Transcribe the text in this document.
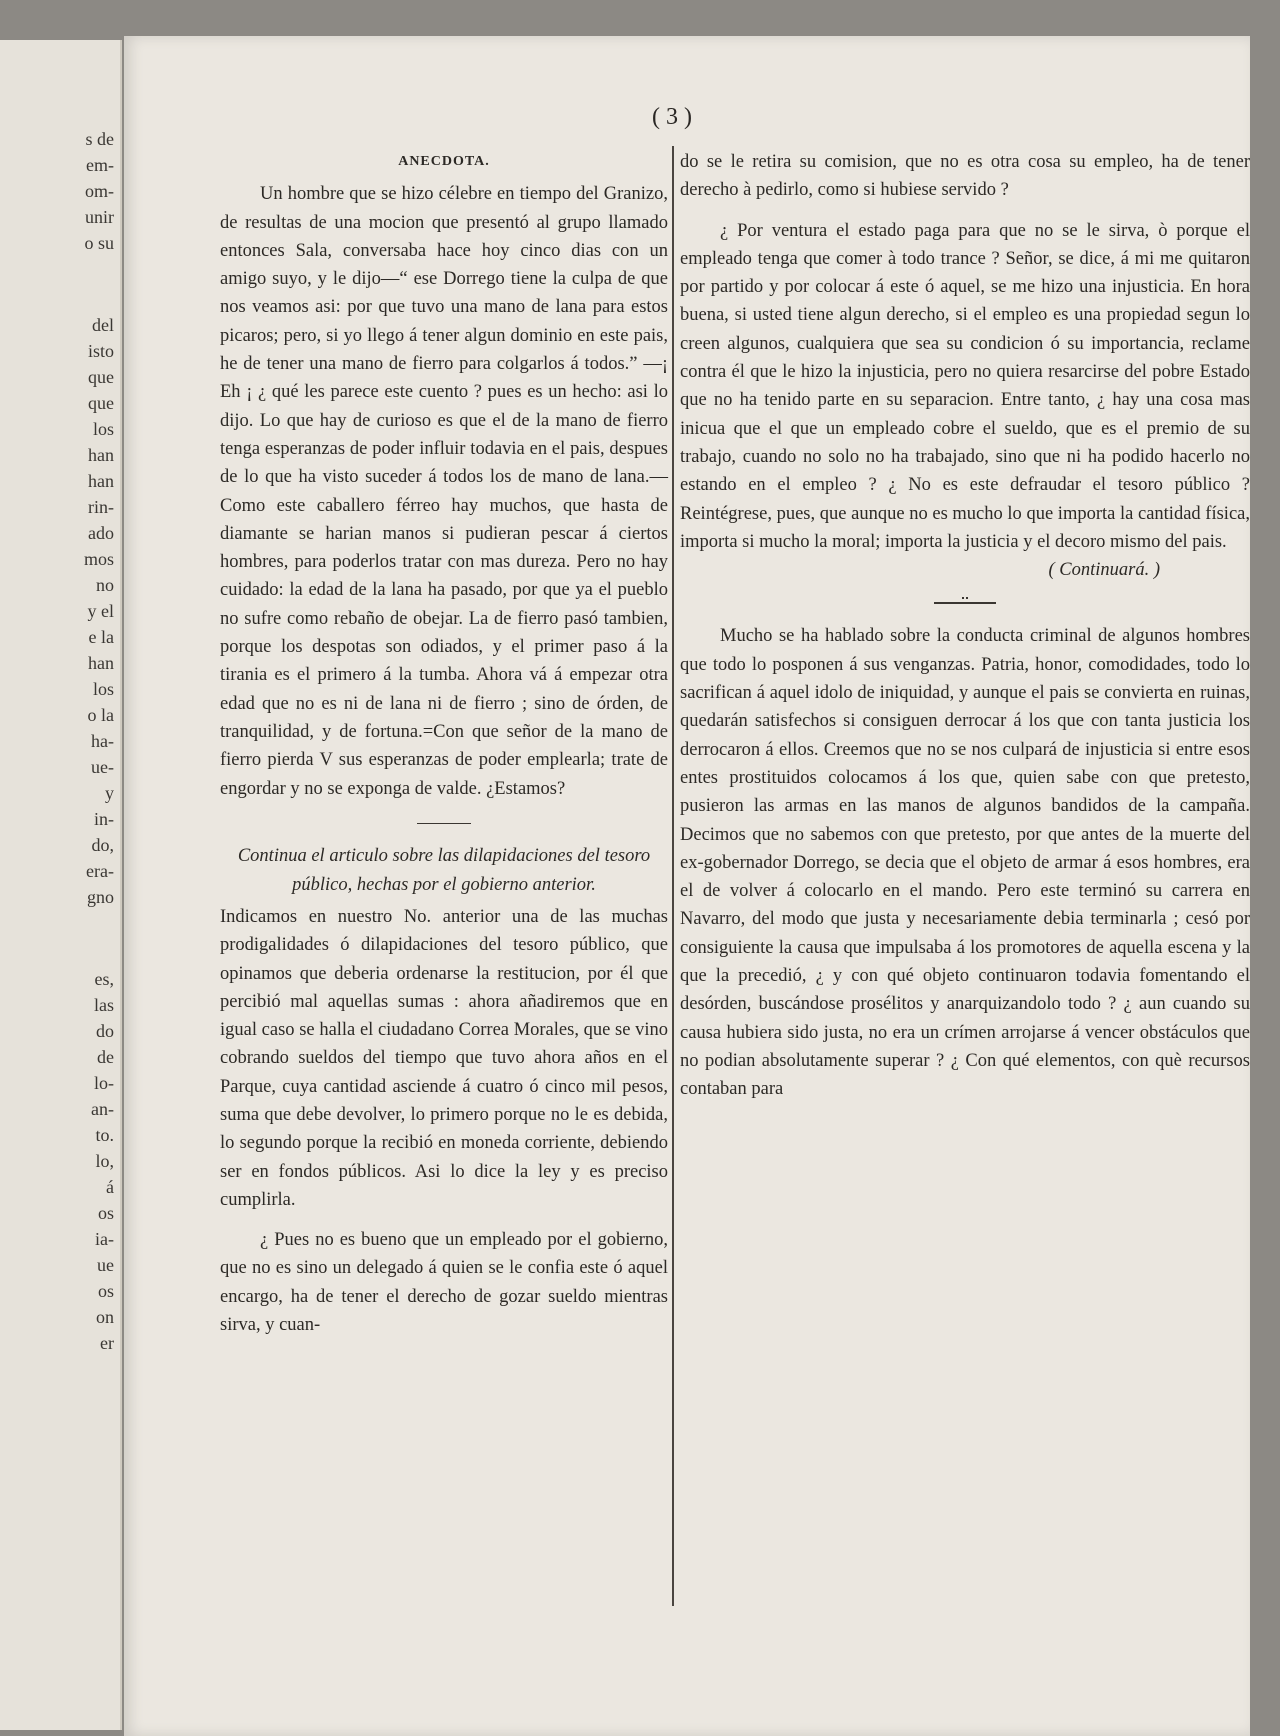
s de
em-
om-
unir
o su
del
isto
que
que
los
han
han
rin-
ado
mos
no
y el
e la
han
los
o la
ha-
ue-
y
in-
do,
era-
gno
es,
las
do
de
lo-
an-
to.
lo,
á
os
ia-
ue
os
on
er
( 3 )

ANECDOTA.

Un hombre que se hizo célebre en tiempo del Granizo, de resultas de una mocion que presentó al grupo llamado entonces Sala, conversaba hace hoy cinco dias con un amigo suyo, y le dijo—“ ese Dorrego tiene la culpa de que nos veamos asi: por que tuvo una mano de lana para estos picaros; pero, si yo llego á tener algun dominio en este pais, he de tener una mano de fierro para colgarlos á todos.” —¡ Eh ¡ ¿ qué les parece este cuento ? pues es un hecho: asi lo dijo. Lo que hay de curioso es que el de la mano de fierro tenga esperanzas de poder influir todavia en el pais, despues de lo que ha visto suceder á todos los de mano de lana.— Como este caballero férreo hay muchos, que hasta de diamante se harian manos si pudieran pescar á ciertos hombres, para poderlos tratar con mas dureza. Pero no hay cuidado: la edad de la lana ha pasado, por que ya el pueblo no sufre como rebaño de obejar. La de fierro pasó tambien, porque los despotas son odiados, y el primer paso á la tirania es el primero á la tumba. Ahora vá á empezar otra edad que no es ni de lana ni de fierro ; sino de órden, de tranquilidad, y de fortuna.=Con que señor de la mano de fierro pierda V sus esperanzas de poder emplearla; trate de engordar y no se exponga de valde. ¿Estamos?

Continua el articulo sobre las dilapidaciones del tesoro público, hechas por el gobierno anterior.

Indicamos en nuestro No. anterior una de las muchas prodigalidades ó dilapidaciones del tesoro público, que opinamos que deberia ordenarse la restitucion, por él que percibió mal aquellas sumas : ahora añadiremos que en igual caso se halla el ciudadano Correa Morales, que se vino cobrando sueldos del tiempo que tuvo ahora años en el Parque, cuya cantidad asciende á cuatro ó cinco mil pesos, suma que debe devolver, lo primero porque no le es debida, lo segundo porque la recibió en moneda corriente, debiendo ser en fondos públicos. Asi lo dice la ley y es preciso cumplirla.

¿ Pues no es bueno que un empleado por el gobierno, que no es sino un delegado á quien se le confia este ó aquel encargo, ha de tener el derecho de gozar sueldo mientras sirva, y cuan-

do se le retira su comision, que no es otra cosa su empleo, ha de tener derecho à pedirlo, como si hubiese servido ?

¿ Por ventura el estado paga para que no se le sirva, ò porque el empleado tenga que comer à todo trance ? Señor, se dice, á mi me quitaron por partido y por colocar á este ó aquel, se me hizo una injusticia. En hora buena, si usted tiene algun derecho, si el empleo es una propiedad segun lo creen algunos, cualquiera que sea su condicion ó su importancia, reclame contra él que le hizo la injusticia, pero no quiera resarcirse del pobre Estado que no ha tenido parte en su separacion. Entre tanto, ¿ hay una cosa mas inicua que el que un empleado cobre el sueldo, que es el premio de su trabajo, cuando no solo no ha trabajado, sino que ni ha podido hacerlo no estando en el empleo ? ¿ No es este defraudar el tesoro público ? Reintégrese, pues, que aunque no es mucho lo que importa la cantidad física, importa si mucho la moral; importa la justicia y el decoro mismo del pais.

( Continuará. )

Mucho se ha hablado sobre la conducta criminal de algunos hombres que todo lo posponen á sus venganzas. Patria, honor, comodidades, todo lo sacrifican á aquel idolo de iniquidad, y aunque el pais se convierta en ruinas, quedarán satisfechos si consiguen derrocar á los que con tanta justicia los derrocaron á ellos. Creemos que no se nos culpará de injusticia si entre esos entes prostituidos colocamos á los que, quien sabe con que pretesto, pusieron las armas en las manos de algunos bandidos de la campaña. Decimos que no sabemos con que pretesto, por que antes de la muerte del ex-gobernador Dorrego, se decia que el objeto de armar á esos hombres, era el de volver á colocarlo en el mando. Pero este terminó su carrera en Navarro, del modo que justa y necesariamente debia terminarla ; cesó por consiguiente la causa que impulsaba á los promotores de aquella escena y la que la precedió, ¿ y con qué objeto continuaron todavia fomentando el desórden, buscándose prosélitos y anarquizandolo todo ? ¿ aun cuando su causa hubiera sido justa, no era un crímen arrojarse á vencer obstáculos que no podian absolutamente superar ? ¿ Con qué elementos, con què recursos contaban para
